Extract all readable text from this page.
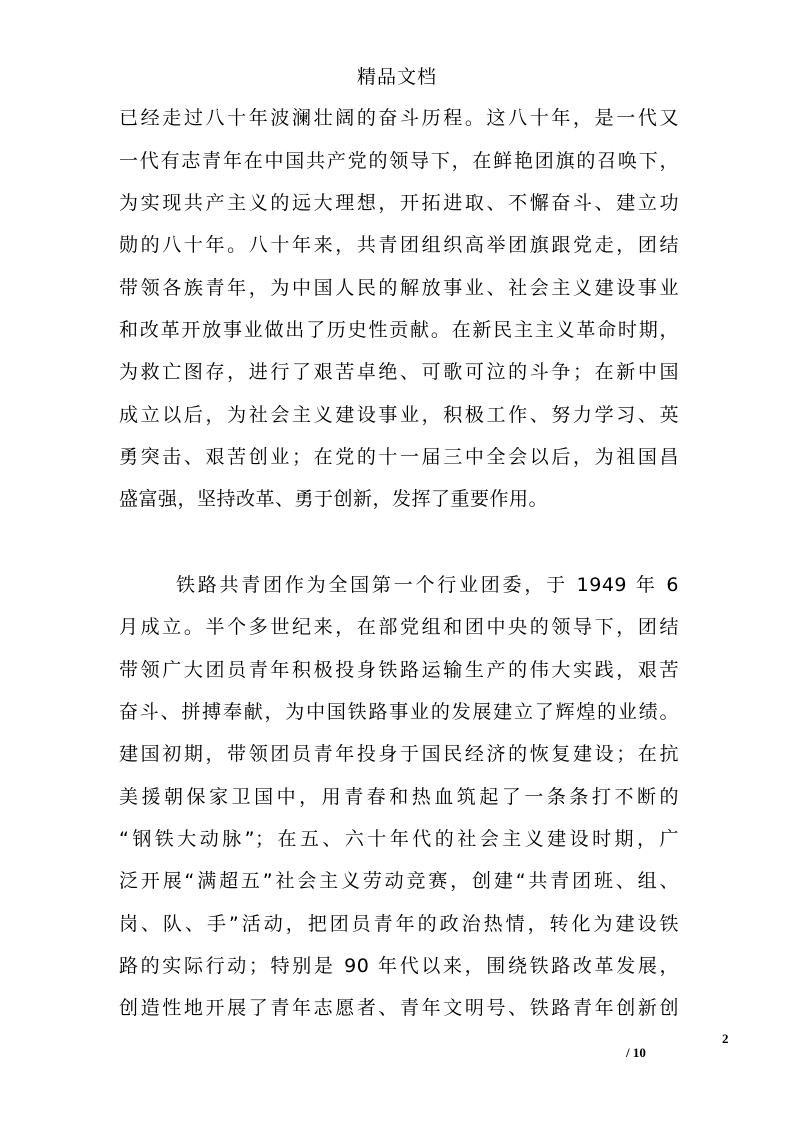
精品文档
已经走过八十年波澜壮阔的奋斗历程。这八十年，是一代又
一代有志青年在中国共产党的领导下，在鲜艳团旗的召唤下，
为实现共产主义的远大理想，开拓进取、不懈奋斗、建立功
勋的八十年。八十年来，共青团组织高举团旗跟党走，团结
带领各族青年，为中国人民的解放事业、社会主义建设事业
和改革开放事业做出了历史性贡献。在新民主主义革命时期，
为救亡图存，进行了艰苦卓绝、可歌可泣的斗争；在新中国
成立以后，为社会主义建设事业，积极工作、努力学习、英
勇突击、艰苦创业；在党的十一届三中全会以后，为祖国昌
盛富强，坚持改革、勇于创新，发挥了重要作用。
铁路共青团作为全国第一个行业团委，于 1949 年 6
月成立。半个多世纪来，在部党组和团中央的领导下，团结
带领广大团员青年积极投身铁路运输生产的伟大实践，艰苦
奋斗、拼搏奉献，为中国铁路事业的发展建立了辉煌的业绩。
建国初期，带领团员青年投身于国民经济的恢复建设；在抗
美援朝保家卫国中，用青春和热血筑起了一条条打不断的
“钢铁大动脉”；在五、六十年代的社会主义建设时期，广
泛开展“满超五”社会主义劳动竞赛，创建“共青团班、组、
岗、队、手”活动，把团员青年的政治热情，转化为建设铁
路的实际行动；特别是 90 年代以来，围绕铁路改革发展，
创造性地开展了青年志愿者、青年文明号、铁路青年创新创
2
/ 10
